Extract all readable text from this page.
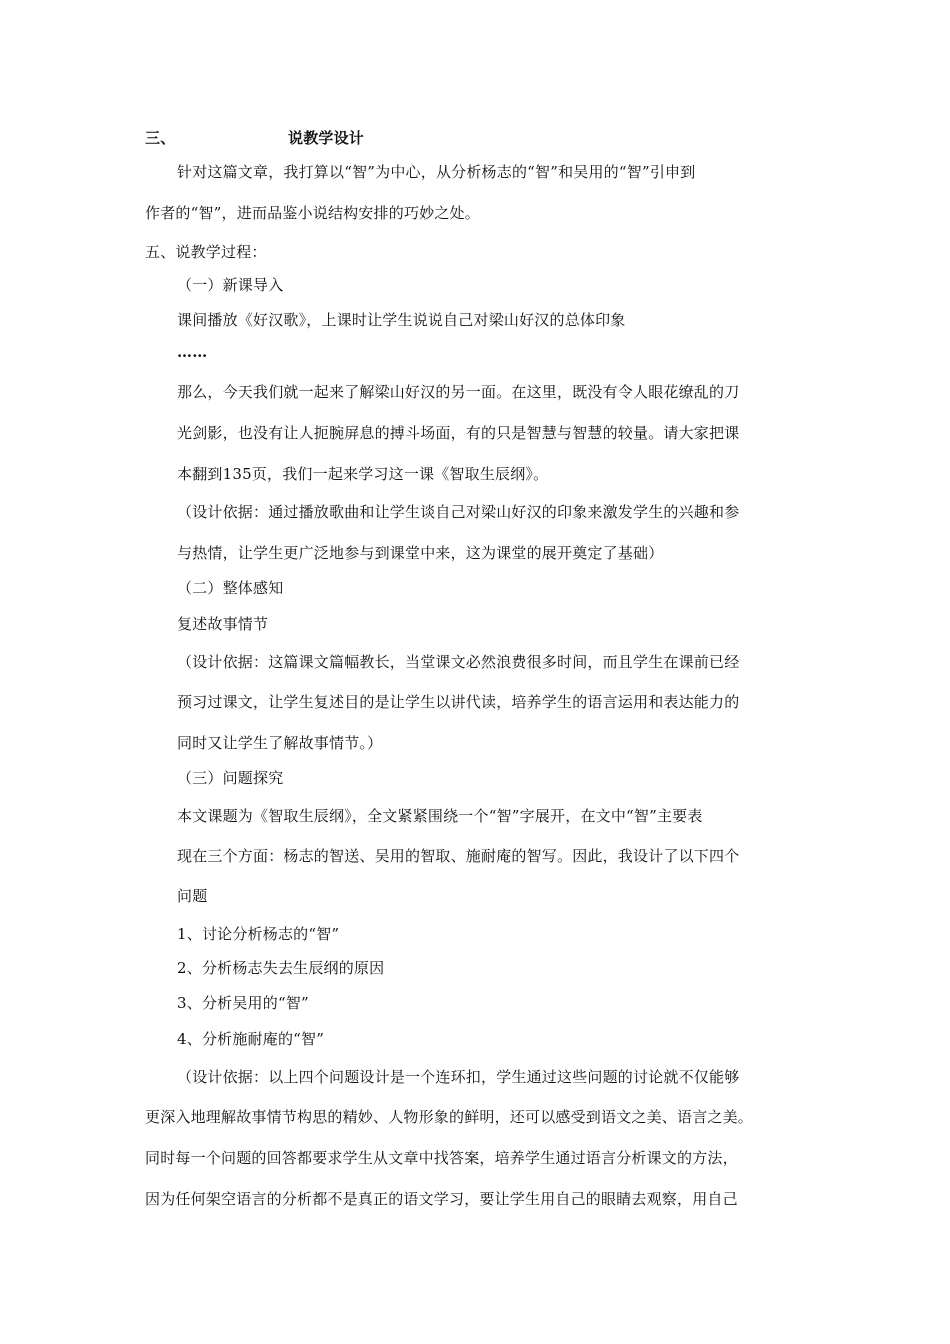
三、	说教学设计
针对这篇文章，我打算以“智”为中心，从分析杨志的“智”和吴用的“智”引申到
作者的“智”，进而品鉴小说结构安排的巧妙之处。
五、说教学过程：
（一）新课导入
课间播放《好汉歌》，上课时让学生说说自己对梁山好汉的总体印象
……
那么，今天我们就一起来了解梁山好汉的另一面。在这里，既没有令人眼花缭乱的刀
光剑影，也没有让人扼腕屏息的搏斗场面，有的只是智慧与智慧的较量。请大家把课
本翻到135页，我们一起来学习这一课《智取生辰纲》。
（设计依据：通过播放歌曲和让学生谈自己对梁山好汉的印象来激发学生的兴趣和参
与热情，让学生更广泛地参与到课堂中来，这为课堂的展开奠定了基础）
（二）整体感知
复述故事情节
（设计依据：这篇课文篇幅教长，当堂课文必然浪费很多时间，而且学生在课前已经
预习过课文，让学生复述目的是让学生以讲代读，培养学生的语言运用和表达能力的
同时又让学生了解故事情节。）
（三）问题探究
本文课题为《智取生辰纲》，全文紧紧围绕一个“智”字展开，在文中“智”主要表
现在三个方面：杨志的智送、吴用的智取、施耐庵的智写。因此，我设计了以下四个
问题
1、讨论分析杨志的“智”
2、分析杨志失去生辰纲的原因
3、分析吴用的“智”
4、分析施耐庵的“智”
（设计依据：以上四个问题设计是一个连环扣，学生通过这些问题的讨论就不仅能够
更深入地理解故事情节构思的精妙、人物形象的鲜明，还可以感受到语文之美、语言之美。
同时每一个问题的回答都要求学生从文章中找答案，培养学生通过语言分析课文的方法，
因为任何架空语言的分析都不是真正的语文学习，要让学生用自己的眼睛去观察，用自己
